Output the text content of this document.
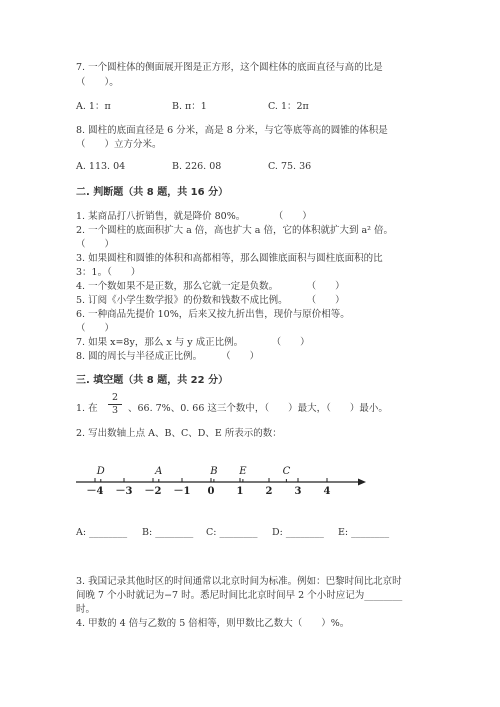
7. 一个圆柱体的侧面展开图是正方形，这个圆柱体的底面直径与高的比是
（　　）。
A. 1：π	B. π：1	C. 1：2π
8. 圆柱的底面直径是 6 分米，高是 8 分米，与它等底等高的圆锥的体积是
（　　）立方分米。
A. 113. 04	B. 226. 08	C. 75. 36
二. 判断题（共 8 题，共 16 分）
1. 某商品打八折销售，就是降价 80%。　　　　（　　）
2. 一个圆柱的底面积扩大 a 倍，高也扩大 a 倍，它的体积就扩大到 a² 倍。
（　　）
3. 如果圆柱和圆锥的体积和高都相等，那么圆锥底面积与圆柱底面积的比
3：1。（　　）
4. 一个数如果不是正数，那么它就一定是负数。　　　　（　　）
5. 订阅《小学生数学报》的份数和钱数不成比例。　　　（　　）
6. 一种商品先提价 10%，后来又按九折出售，现价与原价相等。
（　　）
7. 如果 x=8y，那么 x 与 y 成正比例。　　　　（　　）
8. 圆的周长与半径成正比例。　　　（　　）
三. 填空题（共 8 题，共 22 分）
1. 在
2
3	、66. 7%、0. 66 这三个数中，（　　）最大，（　　）最小。
2. 写出数轴上点 A、B、C、D、E 所表示的数：
－4 －3 －2 －1 0 1 2 3 4
D	A	B E	C
A: ________ B: ________ C: ________ D: ________ E: ________
3. 我国记录其他时区的时间通常以北京时间为标准。例如：巴黎时间比北京时
间晚 7 个小时就记为−7 时。悉尼时间比北京时间早 2 个小时应记为________
时。
4. 甲数的 4 倍与乙数的 5 倍相等，则甲数比乙数大（　　）%。
